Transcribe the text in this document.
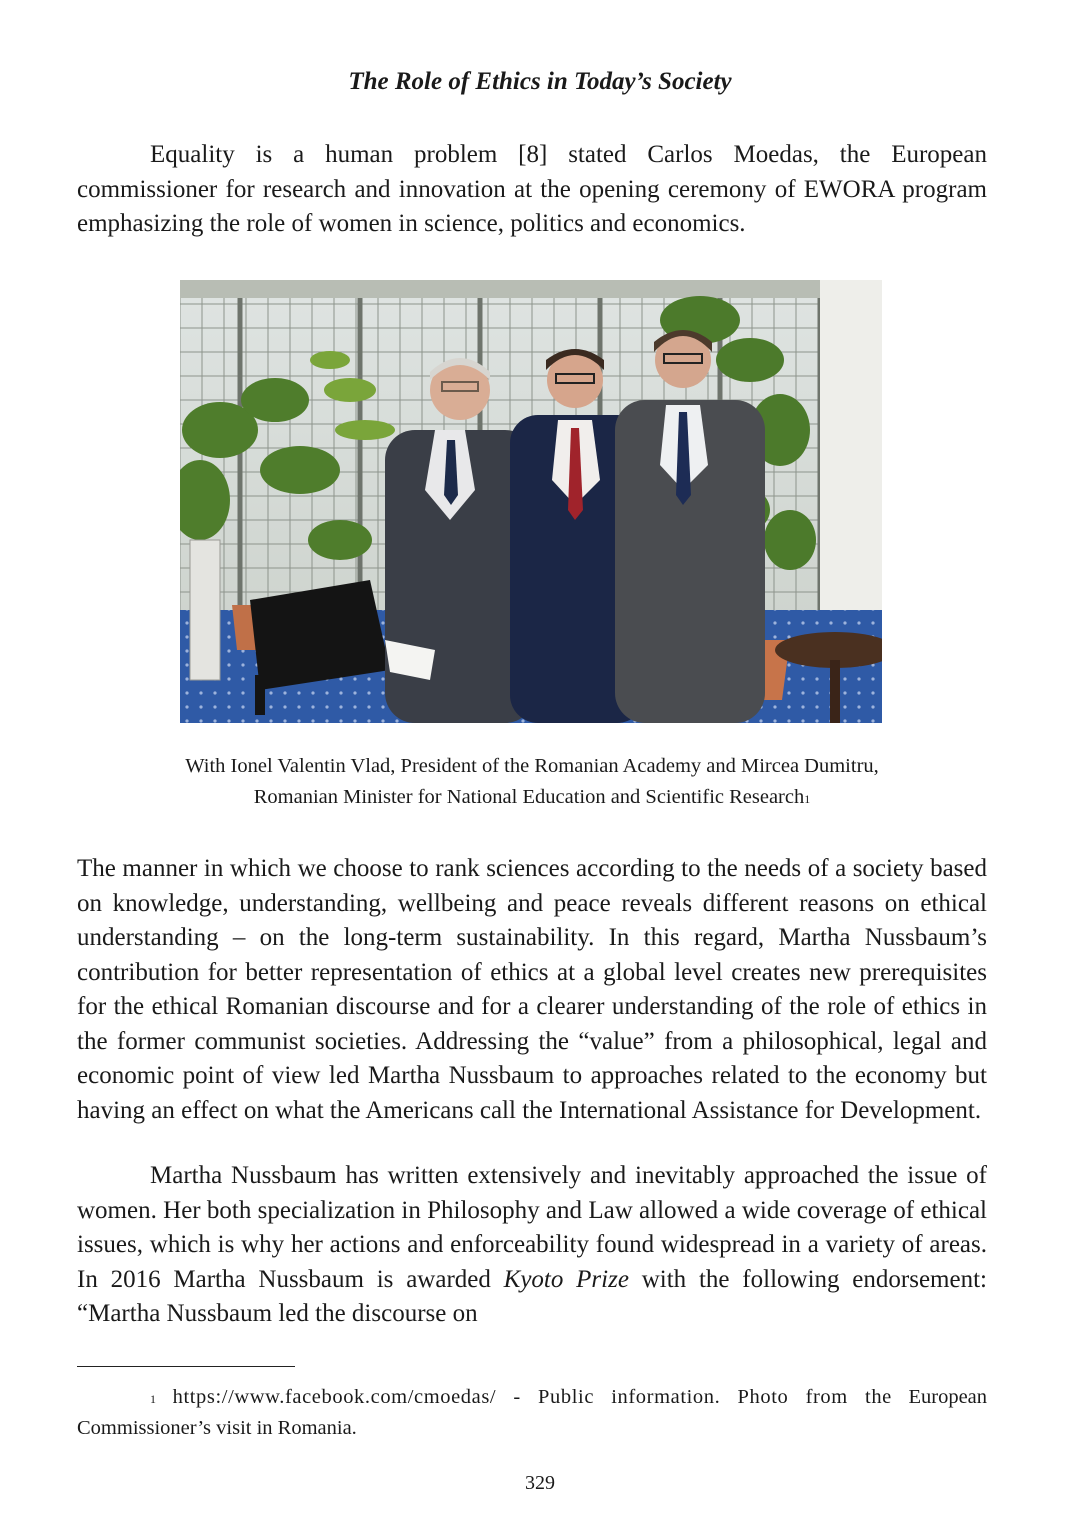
The Role of Ethics in Today’s Society

Equality is a human problem [8] stated Carlos Moedas, the European commissioner for research and innovation at the opening ceremony of EWORA program emphasizing the role of women in science, politics and economics.

With Ionel Valentin Vlad, President of the Romanian Academy and Mircea Dumitru,
Romanian Minister for National Education and Scientific Research$^1$

The manner in which we choose to rank sciences according to the needs of a society based on knowledge, understanding, wellbeing and peace reveals different reasons on ethical understanding – on the long-term sustainability. In this regard, Martha Nussbaum’s contribution for better representation of ethics at a global level creates new prerequisites for the ethical Romanian discourse and for a clearer understanding of the role of ethics in the former communist societies. Addressing the “value” from a philosophical, legal and economic point of view led Martha Nussbaum to approaches related to the economy but having an effect on what the Americans call the International Assistance for Development.

Martha Nussbaum has written extensively and inevitably approached the issue of women. Her both specialization in Philosophy and Law allowed a wide coverage of ethical issues, which is why her actions and enforceability found widespread in a variety of areas. In 2016 Martha Nussbaum is awarded Kyoto Prize with the following endorsement: “Martha Nussbaum led the discourse on

$^1$ https://www.facebook.com/cmoedas/ - Public information. Photo from the European Commissioner’s visit in Romania.

329
